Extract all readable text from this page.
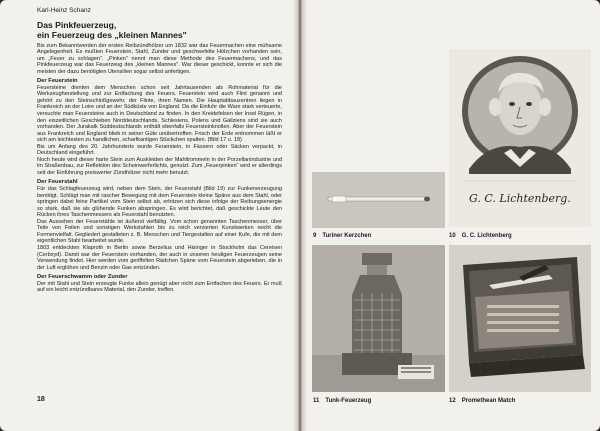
Karl-Heinz Schanz

Das Pinkfeuerzeug,
ein Feuerzeug des „kleinen Mannes"

Bis zum Bekanntwerden der ersten Reibzündhölzer um 1832 war das Feuermachen eine mühsame Angelegenheit. Es mußten Feuerstein, Stahl, Zunder und geschwefelte Hölzchen vorhanden sein, um „Feuer zu schlagen". „Pinken" nennt man diese Methode des Feuermachens, und das Pinkfeuerzeug war das Feuerzeug des „kleinen Mannes". War dieser geschickt, konnte er sich die meisten der dazu benötigten Utensilien sogar selbst anfertigen.

Der Feuerstein

Feuersteine dienten dem Menschen schon seit Jahrtausenden als Rohmaterial für die Werkzeugherstellung und zur Entfachung des Feuers. Feuerstein wird auch Flint genannt und gehört zu den Steinschloßgewehr, der Flinte, ihren Namen. Die Hauptabbauzentren liegen in Frankreich an der Loire und an der Südküste von England. Da die Einfuhr die Ware stark verteuerte, versuchte man Feuersteine auch in Deutschland zu finden. In den Kreidefelsen der Insel Rügen, in den eiszeitlichen Geschieben Norddeutschlands, Schlesiens, Polens und Galiziens sind sie auch vorhanden. Der Jurakalk Süddeutschlands enthält ebenfalls Feuersteinknollen. Aber der Feuerstein aus Frankreich und England blieb in seiner Güte unübertroffen. Frisch der Erde entnommen läßt er sich am leichtesten zu handlichen, scharfkantigen Stückchen spalten. (Bild 17 u. 18)

Bis um Anfang des 20. Jahrhunderts wurde Feuerstein, in Fässern oder Säcken verpackt, in Deutschland eingeführt.

Noch heute wird dieser harte Stein zum Auskleiden der Mahltrommeln in der Porzellanindustrie und im Straßenbau, zur Reflektion des Scheinwerferlichts, genutzt. Zum „Feuerpinken" wird er allerdings seit der Einführung preiswerter Zündhölzer nicht mehr benutzt.

Der Feuerstahl

Für das Schlagfeuerzeug wird, neben dem Stein, der Feuerstahl (Bild 19) zur Funkenerzeugung benötigt. Schlägt man mit rascher Bewegung mit dem Feuerstein kleine Späne aus dem Stahl, oder springen dabei feine Partikel vom Stein selbst ab, erhitzen sich diese infolge der Reibungsenergie so stark, daß sie als glühende Funken abspringen. Es wird berichtet, daß geschickte Leute den Rücken ihres Taschenmessers als Feuerstahl benutzten.

Das Aussehen der Feuerstähle ist äußerst vielfältig. Vom schon genannten Taschenmesser, über Teile von Feilen und sonstigen Werkstahlen bis zu reich verzierten Kunstwerken reicht die Formenvielfalt. Gegliedert gestalteten z. B. Menschen und Tiergestalten auf einer Kufe, die mit dem eigentlichen Stahl bearbeitet wurde.

1803 entdeckten Klaproth in Berlin sowie Berzelius und Hisinger in Stockholm das Cereisen (Cerbxyd). Damit war der Feuerstein vorhanden, der auch in unseren heutigen Feuerzeugen seine Verwendung findet. Hier werden vom geriffelten Rädchen Späne vom Feuerstein abgerieben, die in der Luft erglühen und Benzin oder Gas entzünden.

Der Feuerschwamm oder Zunder

Der mit Stahl und Stein erzeugte Funke allein genügt aber nicht zum Entfachen des Feuers. Er muß auf ein leicht entzündbares Material, den Zunder, treffen.

18
9 Turiner Kerzchen
G. C. Lichtenberg.
10 G. C. Lichtenberg
11 Tunk-Feuerzeug	12 Promethean Match
